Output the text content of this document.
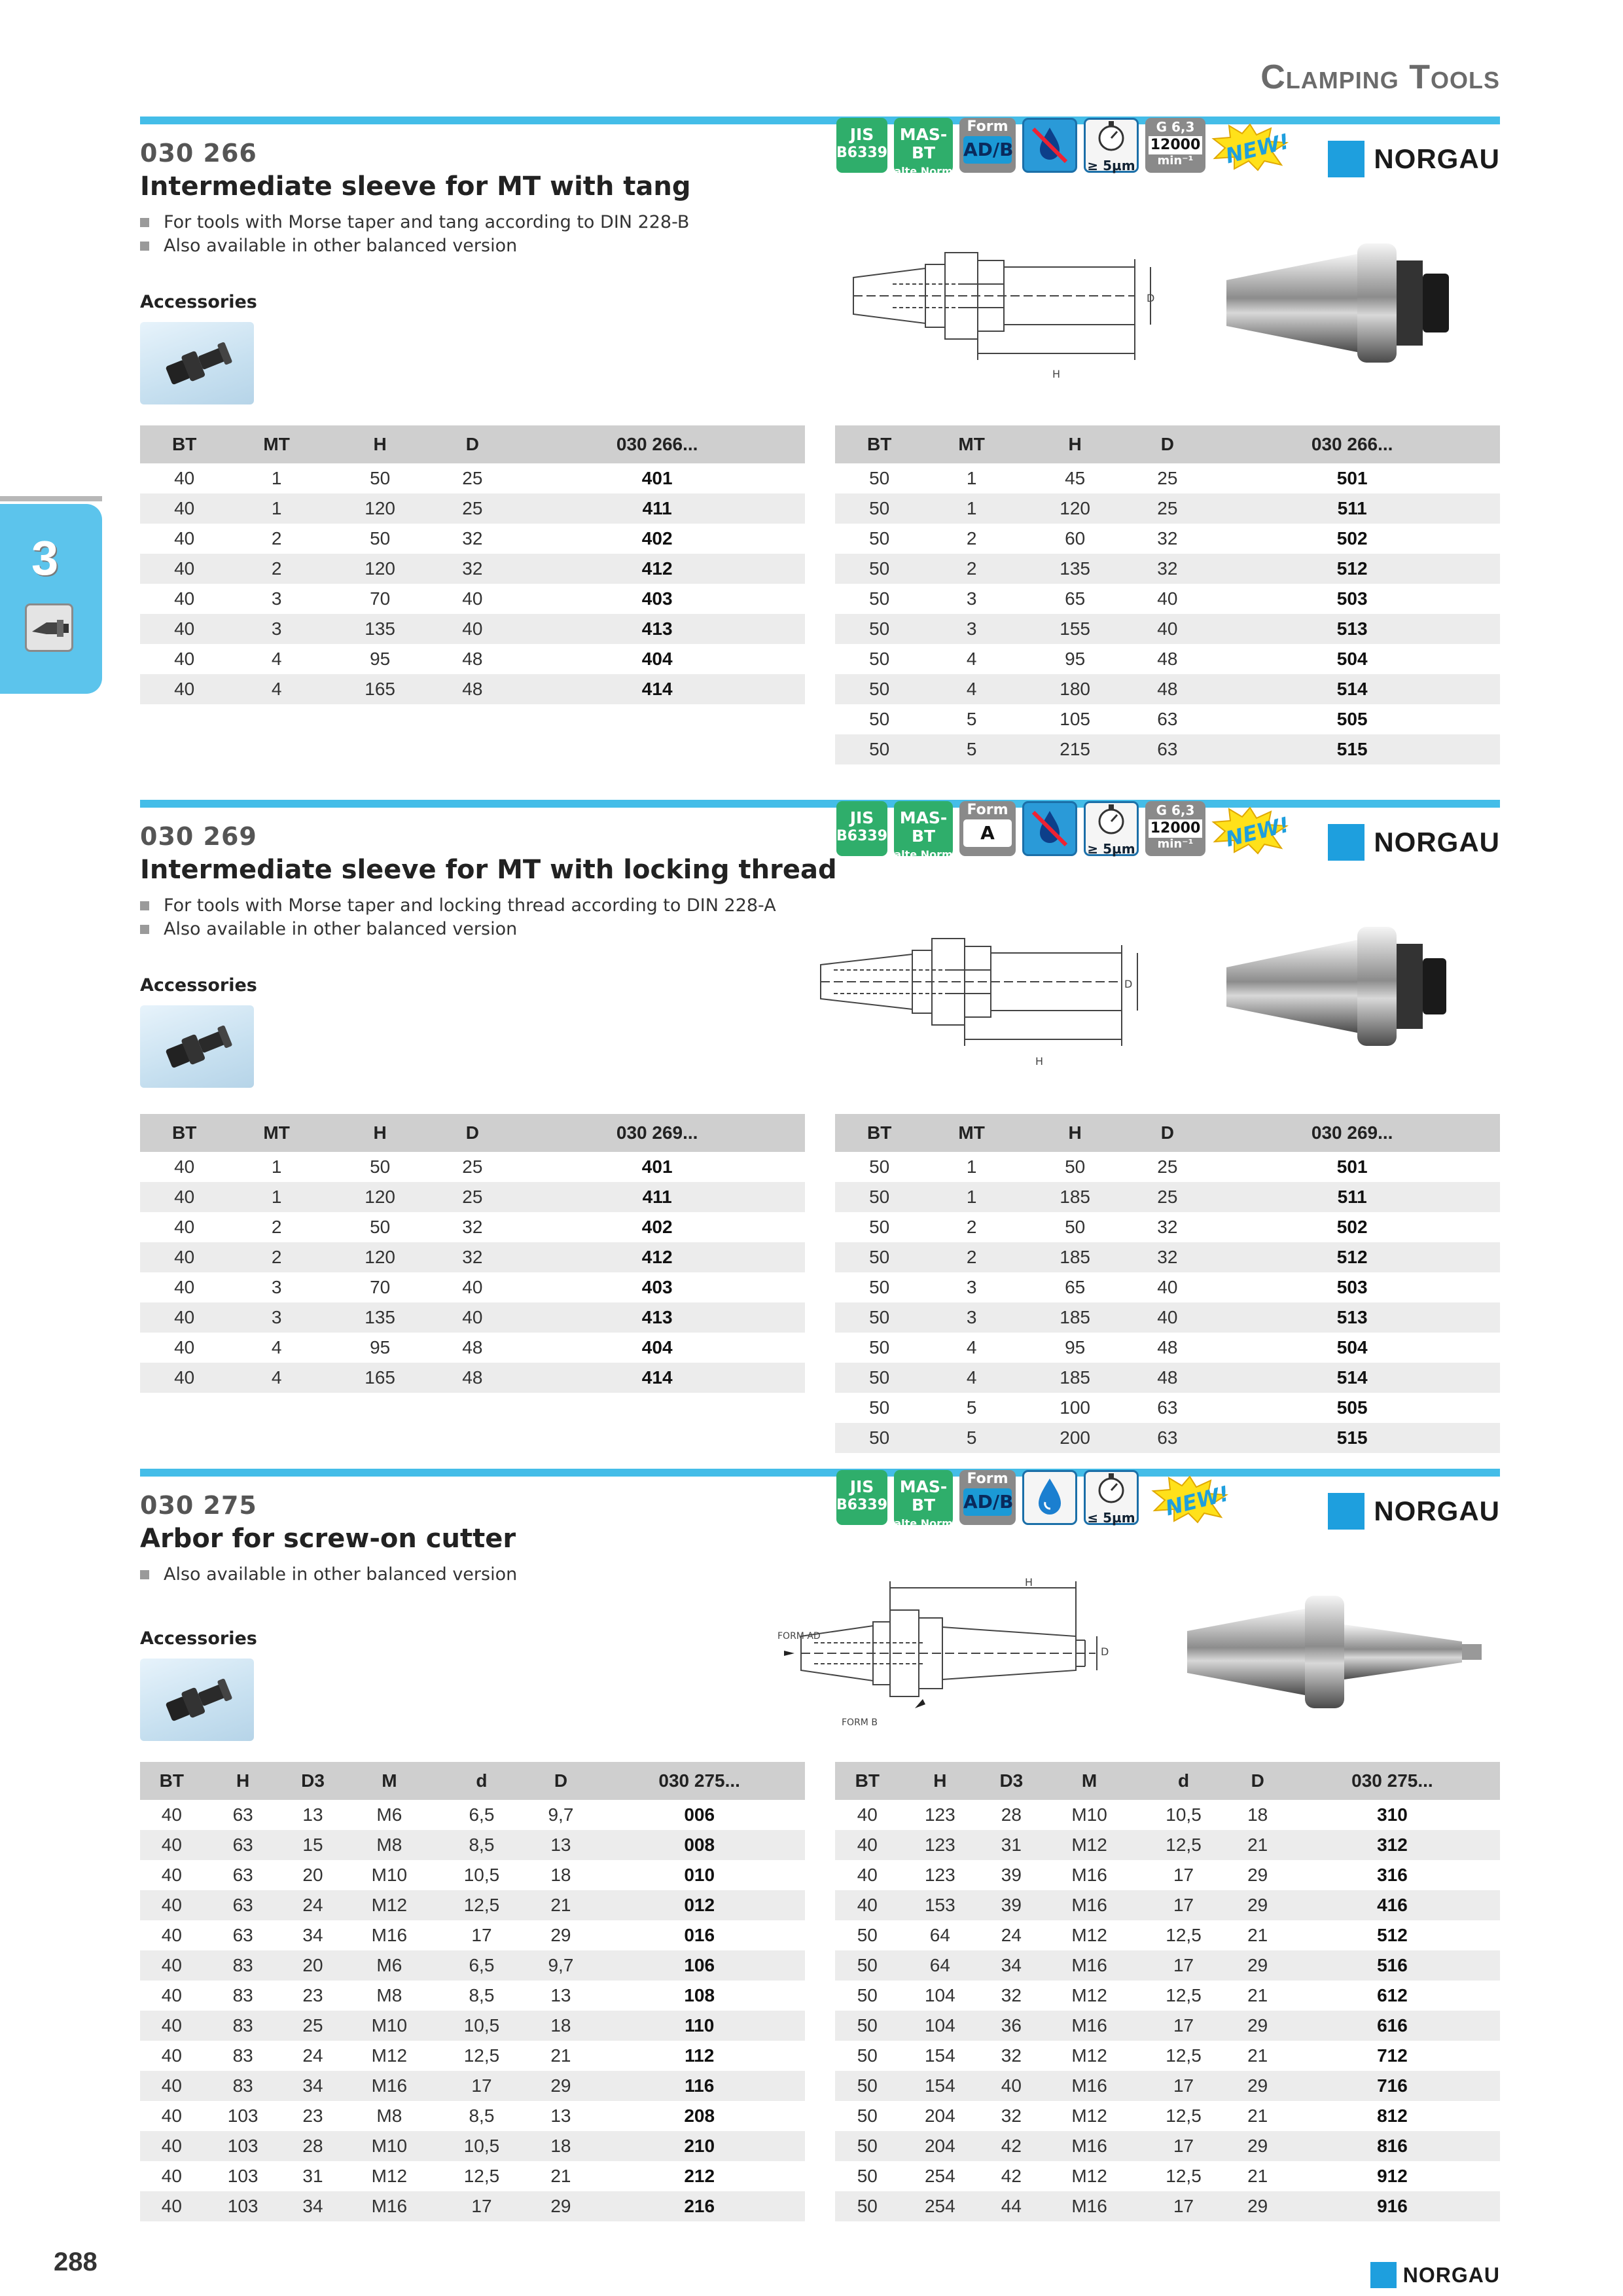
Clamping Tools
3
030 266
Intermediate sleeve for MT with tang
For tools with Morse taper and tang according to DIN 228-B
Also available in other balanced version
Accessories
JIS
B6339
MAS-BT
alte Norm
Form
AD/B
≥ 5µm
G 6,3
12000
min⁻¹	NEW!	NORGAU
H
D
BT	MT	H	D	030 266...
40	1	50	25	401
40	1	120	25	411
40	2	50	32	402
40	2	120	32	412
40	3	70	40	403
40	3	135	40	413
40	4	95	48	404
40	4	165	48	414
BT	MT	H	D	030 266...
50	1	45	25	501
50	1	120	25	511
50	2	60	32	502
50	2	135	32	512
50	3	65	40	503
50	3	155	40	513
50	4	95	48	504
50	4	180	48	514
50	5	105	63	505
50	5	215	63	515
030 269
Intermediate sleeve for MT with locking thread
For tools with Morse taper and locking thread according to DIN 228-A
Also available in other balanced version
Accessories
JIS
B6339
MAS-BT
alte Norm
Form
A
≥ 5µm
G 6,3
12000
min⁻¹	NEW!	NORGAU
H
D
BT	MT	H	D	030 269...
40	1	50	25	401
40	1	120	25	411
40	2	50	32	402
40	2	120	32	412
40	3	70	40	403
40	3	135	40	413
40	4	95	48	404
40	4	165	48	414
BT	MT	H	D	030 269...
50	1	50	25	501
50	1	185	25	511
50	2	50	32	502
50	2	185	32	512
50	3	65	40	503
50	3	185	40	513
50	4	95	48	504
50	4	185	48	514
50	5	100	63	505
50	5	200	63	515
030 275
Arbor for screw-on cutter
Also available in other balanced version
Accessories
JIS
B6339
MAS-BT
alte Norm
Form
AD/B
≤ 5µm NEW!	NORGAU
H
D
FORM AD
FORM B
BT	H	D3	M	d	D	030 275...
40	63	13	M6	6,5	9,7	006
40	63	15	M8	8,5	13	008
40	63	20	M10	10,5	18	010
40	63	24	M12	12,5	21	012
40	63	34	M16	17	29	016
40	83	20	M6	6,5	9,7	106
40	83	23	M8	8,5	13	108
40	83	25	M10	10,5	18	110
40	83	24	M12	12,5	21	112
40	83	34	M16	17	29	116
40	103	23	M8	8,5	13	208
40	103	28	M10	10,5	18	210
40	103	31	M12	12,5	21	212
40	103	34	M16	17	29	216
BT	H	D3	M	d	D	030 275...
40	123	28	M10	10,5	18	310
40	123	31	M12	12,5	21	312
40	123	39	M16	17	29	316
40	153	39	M16	17	29	416
50	64	24	M12	12,5	21	512
50	64	34	M16	17	29	516
50	104	32	M12	12,5	21	612
50	104	36	M16	17	29	616
50	154	32	M12	12,5	21	712
50	154	40	M16	17	29	716
50	204	32	M12	12,5	21	812
50	204	42	M16	17	29	816
50	254	42	M12	12,5	21	912
50	254	44	M16	17	29	916
288	NORGAU
